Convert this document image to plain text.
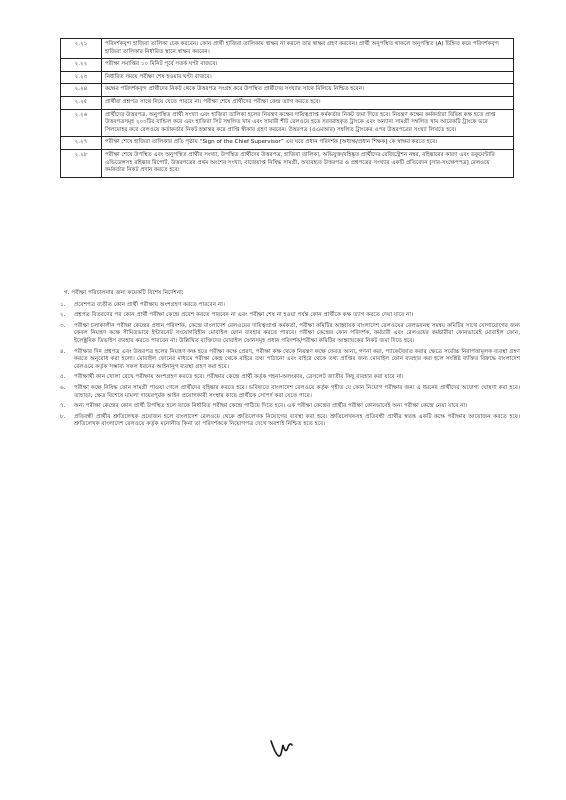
২.২১	পরিদর্শকবৃন্দ হাজিরা তালিকা চেক করবেন। কোন প্রার্থী হাজিরা তালিকায় স্বাক্ষর না করলে তার স্বাক্ষর গ্রহণ করবেন। প্রার্থী অনুপস্থিত থাকলে অনুপস্থিত (A) চিহ্নিত করে পরিদর্শকবৃন্দ হাজিরা তালিকার নির্ধারিত স্থানে স্বাক্ষর করবেন।
২.২২	পরীক্ষা সমাপ্তির ১০ মিনিট পূর্বে সতর্ক ঘণ্টা বাজবে।
২.২৩	নির্ধারিত সময়ে পরীক্ষা শেষ হওয়ার ঘণ্টা বাজবে।
২.২৪	কক্ষের পরিদর্শকবৃন্দ প্রার্থীদের নিকট থেকে উত্তরপত্র সংগ্রহ করে উপস্থিত প্রার্থীদের সংখ্যার সাথে মিলিয়ে নিশ্চিত হবেন।
২.২৫	প্রার্থীরা প্রশ্নপত্র সাথে নিয়ে যেতে পারবে না। পরীক্ষা শেষে প্রার্থীদের পরীক্ষা কেন্দ্র ত্যাগ করতে হবে।
২.২৬	প্রার্থীদের উত্তরপত্র, অনুপস্থিত প্রার্থী সংখ্যা এবং হাজিরা তালিকা হলের নিয়ন্ত্রণ কক্ষের দায়িত্বপ্রাপ্ত কর্মকর্তার নিকট জমা দিতে হবে। নিয়ন্ত্রণ কক্ষের কর্মকর্তারা বিভিন্ন কক্ষ হতে প্রাপ্ত উত্তরপত্রসমূহ ২০০টির বান্ডিল করে এবং হাজিরা সিট সম্বলিত খাম এবং সামারী শীট রেলওয়ে হতে সরবরাহকৃত ট্রাংকে এবং অন্যান্য সামগ্রী সম্বলিত খাম আরেকটি ট্রাংকে ভরে সিলমোহর করে রেলওয়ে কর্তাকর্তার নিকট হস্তান্তর করে প্রাপ্তি স্বীকার গ্রহণ করবেন। উত্তরপত্র (ওএমআর) সম্বলিত ট্রাংকের ওপর উত্তরপত্রের সংখ্যা লিখতে হবে।
২.২৭	পরীক্ষা শেষে হাজিরা তালিকার প্রতি পৃষ্ঠায় “Sign of the Chief Supervisor” এর ঘরে প্রধান পরিদর্শক [অধ্যক্ষ/প্রধান শিক্ষক] কে স্বাক্ষর করতে হবে।
২.২৮	পরীক্ষা শেষে উপস্থিত এবং অনুপস্থিত প্রার্থীর সংখ্যা, উপস্থিত প্রার্থীদের উত্তরপত্র, হাজিরা তালিকা, অভিযুক্ত/বহিষ্কৃত প্রার্থীদের রেজিস্ট্রেশন নম্বর, বহিষ্কারের কারণ এবং ডকুমেন্টারি এভিডেন্সসহ বহিষ্কার রিপোর্ট, উত্তরপত্রের প্রথম অংশের সংখ্যা, বাজেয়াপ্ত নিষিদ্ধ সামগ্রী, অব্যবহৃত উত্তরপত্র ও প্রশ্নপত্রের সংখ্যার একটি প্রতিবেদন [সার-সংক্ষেপপত্র] রেলওয়ে কর্মকর্তার নিকট প্রদান করতে হবে।
গ. পরীক্ষা পরিচালনার জন্য কয়েকটি বিশেষ নির্দেশনা:
১.	প্রবেশপত্র ব্যতীত কোন প্রার্থী পরীক্ষায় অংশগ্রহণ করতে পারবেন না।
২.	প্রশ্নপত্র বিতরণের পর কোন প্রার্থী পরীক্ষা কেন্দ্রে প্রবেশ করতে পারবেন না এবং পরীক্ষা শেষ না হওয়া পর্যন্ত কোন প্রার্থীকে কক্ষ ত্যাগ করতে দেয়া যাবে না।
৩.	পরীক্ষা চলাকালীন পরীক্ষা কেন্দ্রের প্রধান পরিদর্শক, কেন্দ্রে বাংলাদেশ রেলওয়ের দায়িত্বপ্রাপ্ত কর্মকর্তা, পরীক্ষা কমিটির আহ্বায়ক বাংলাদেশ রেলওয়ের রেলভবনস্থ সমন্বয় কমিটির সাথে যোগাযোগের জন্য কেবল নিয়ন্ত্রণ কক্ষে সীমিতভাবে ইন্টারনেট সংযোগবিহীন মোবাইল ফোন ব্যবহার করতে পারবে। পরীক্ষা কেন্দ্রের কোন পরিদর্শক, কর্মচারী এবং রেলওয়ের কর্মচারীরা কোনভাবেই মোবাইল ফোন, ইলেক্ট্রনিক ডিভাইস ব্যবহার করতে পারবেন না। উল্লিখিত ব্যক্তিদের মোবাইল ফোনসমূহ প্রধান পরিদর্শক/পরীক্ষা কমিটির আহ্বায়কের নিকট জমা দিতে হবে।
৪.	পরীক্ষার দিন প্রশ্নপত্র এবং উত্তরপত্র হলের নিয়ন্ত্রণ কক্ষ হতে পরীক্ষা কক্ষে প্রেরণ, পরীক্ষা কক্ষ থেকে নিয়ন্ত্রণ কক্ষে ফেরত আনা, গণনা করা, প্যাকেটজাত করার ক্ষেত্রে সর্বোচ্চ নিরাপত্তামূলক ব্যবস্থা গ্রহণ করতে অনুরোধ করা হলো। মোবাইল ফোনের মাধ্যমে পরীক্ষা কেন্দ্র থেকে বাইরে তথ্য পাঠানো এবং বাইরে থেকে তথ্য প্রাপ্তির জন্য মোবাইল ফোন ব্যবহার করা হলে সংশ্লিষ্ট ব্যক্তির বিরুদ্ধে বাংলাদেশ রেলওয়ে কর্তৃক সম্ভাব্য সকল ধরনের আইনানুগ ব্যবস্থা গ্রহণ করা হবে।
৫.	পরীক্ষার্থী কান খোলা রেখে পরীক্ষায় অংশগ্রহণ করতে হবে। পরীক্ষার কেন্দ্রে প্রার্থী কর্তৃক গহনা-অলংকার, ব্রেসলেট জাতীয় কিছু ব্যবহার করা যাবে না।
৬.	পরীক্ষা কক্ষে নিষিদ্ধ কোন সামগ্রী পাওয়া গেলে প্রার্থীদের বহিষ্কার করতে হবে। ভবিষ্যতে বাংলাদেশ রেলওয়ে কর্তৃক গৃহীত যে কোন নিয়োগ পরীক্ষার জন্য এ ধরনের প্রার্থীদের অযোগ্য ঘোষণা করা হবে। তাছাড়া, ক্ষেত্র বিশেষে মামলা দায়েরপূর্বক আইন প্রয়োগকারী সংস্থার কাছে প্রার্থীকে সোপর্দ করা যেতে পারে।
৭.	অন্য পরীক্ষা কেন্দ্রের কোন প্রার্থী উপস্থিত হলে তাকে নির্ধারিত পরীক্ষা কেন্দ্রে পাঠিয়ে দিতে হবে। এক পরীক্ষা কেন্দ্রের প্রার্থীর পরীক্ষা কোনভাবেই অন্য পরীক্ষা কেন্দ্রে নেয়া যাবে না।
৮.	প্রতিবন্ধী প্রার্থীর শ্রুতিলেখক প্রয়োজন হলে বাংলাদেশ রেলওয়ে থেকে শ্রুতিলেখক নিয়োগের ব্যবস্থা করা হবে। শ্রুতিলেখকসহ প্রতিবন্ধী প্রার্থীর স্বতন্ত্র একটি কক্ষে পরীক্ষার আয়োজন করতে হবে। শ্রুতিলেখক বাংলাদেশ রেলওয়ে কর্তৃক মনোনীত কিনা তা পরিদর্শককে নিয়োগপত্র দেখে অবশ্যই নিশ্চিত হতে হবে।
